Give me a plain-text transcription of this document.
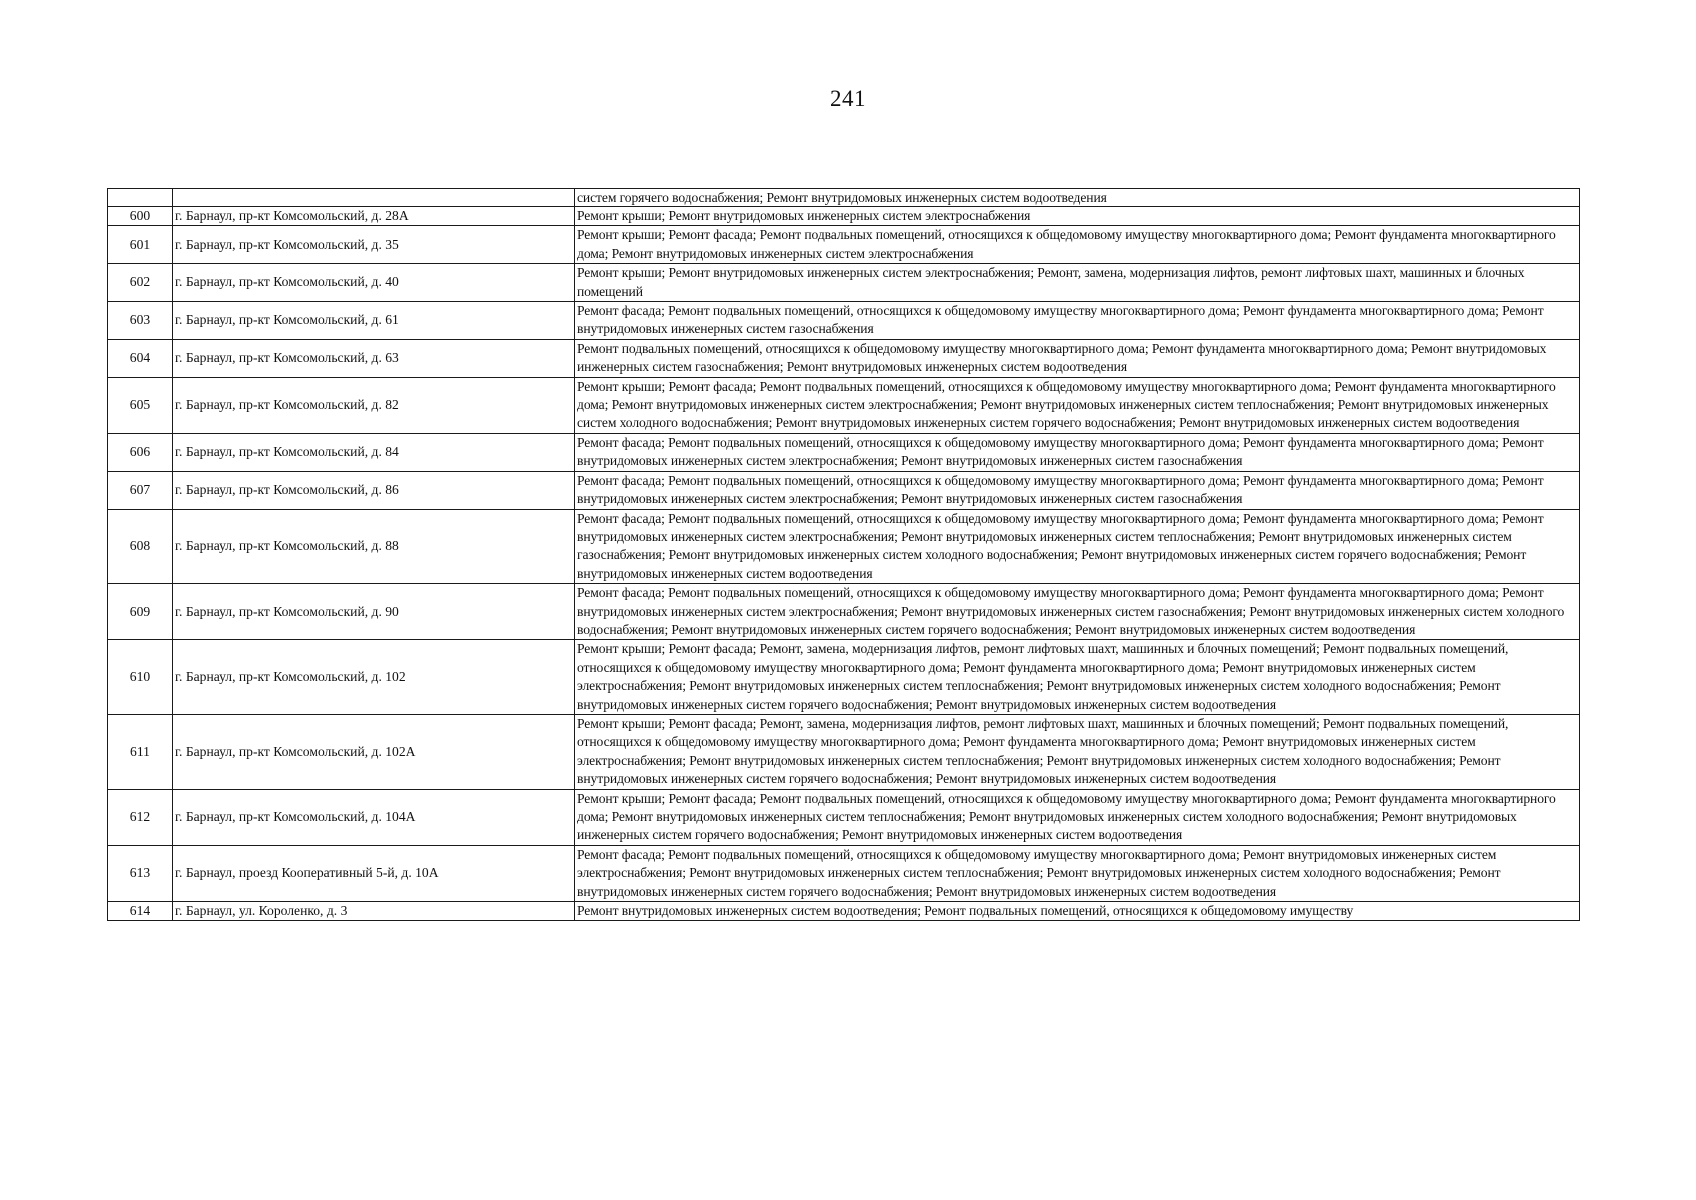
241
		систем горячего водоснабжения; Ремонт внутридомовых инженерных систем водоотведения
600	г. Барнаул, пр-кт Комсомольский, д. 28А	Ремонт крыши; Ремонт внутридомовых инженерных систем электроснабжения
601	г. Барнаул, пр-кт Комсомольский, д. 35	Ремонт крыши; Ремонт фасада; Ремонт подвальных помещений, относящихся к общедомовому имуществу многоквартирного дома; Ремонт фундамента многоквартирного дома; Ремонт внутридомовых инженерных систем электроснабжения
602	г. Барнаул, пр-кт Комсомольский, д. 40	Ремонт крыши; Ремонт внутридомовых инженерных систем электроснабжения; Ремонт, замена, модернизация лифтов, ремонт лифтовых шахт, машинных и блочных помещений
603	г. Барнаул, пр-кт Комсомольский, д. 61	Ремонт фасада; Ремонт подвальных помещений, относящихся к общедомовому имуществу многоквартирного дома; Ремонт фундамента многоквартирного дома; Ремонт внутридомовых инженерных систем газоснабжения
604	г. Барнаул, пр-кт Комсомольский, д. 63	Ремонт подвальных помещений, относящихся к общедомовому имуществу многоквартирного дома; Ремонт фундамента многоквартирного дома; Ремонт внутридомовых инженерных систем газоснабжения; Ремонт внутридомовых инженерных систем водоотведения
605	г. Барнаул, пр-кт Комсомольский, д. 82	Ремонт крыши; Ремонт фасада; Ремонт подвальных помещений, относящихся к общедомовому имуществу многоквартирного дома; Ремонт фундамента многоквартирного дома; Ремонт внутридомовых инженерных систем электроснабжения; Ремонт внутридомовых инженерных систем теплоснабжения; Ремонт внутридомовых инженерных систем холодного водоснабжения; Ремонт внутридомовых инженерных систем горячего водоснабжения; Ремонт внутридомовых инженерных систем водоотведения
606	г. Барнаул, пр-кт Комсомольский, д. 84	Ремонт фасада; Ремонт подвальных помещений, относящихся к общедомовому имуществу многоквартирного дома; Ремонт фундамента многоквартирного дома; Ремонт внутридомовых инженерных систем электроснабжения; Ремонт внутридомовых инженерных систем газоснабжения
607	г. Барнаул, пр-кт Комсомольский, д. 86	Ремонт фасада; Ремонт подвальных помещений, относящихся к общедомовому имуществу многоквартирного дома; Ремонт фундамента многоквартирного дома; Ремонт внутридомовых инженерных систем электроснабжения; Ремонт внутридомовых инженерных систем газоснабжения
608	г. Барнаул, пр-кт Комсомольский, д. 88	Ремонт фасада; Ремонт подвальных помещений, относящихся к общедомовому имуществу многоквартирного дома; Ремонт фундамента многоквартирного дома; Ремонт внутридомовых инженерных систем электроснабжения; Ремонт внутридомовых инженерных систем теплоснабжения; Ремонт внутридомовых инженерных систем газоснабжения; Ремонт внутридомовых инженерных систем холодного водоснабжения; Ремонт внутридомовых инженерных систем горячего водоснабжения; Ремонт внутридомовых инженерных систем водоотведения
609	г. Барнаул, пр-кт Комсомольский, д. 90	Ремонт фасада; Ремонт подвальных помещений, относящихся к общедомовому имуществу многоквартирного дома; Ремонт фундамента многоквартирного дома; Ремонт внутридомовых инженерных систем электроснабжения; Ремонт внутридомовых инженерных систем газоснабжения; Ремонт внутридомовых инженерных систем холодного водоснабжения; Ремонт внутридомовых инженерных систем горячего водоснабжения; Ремонт внутридомовых инженерных систем водоотведения
610	г. Барнаул, пр-кт Комсомольский, д. 102	Ремонт крыши; Ремонт фасада; Ремонт, замена, модернизация лифтов, ремонт лифтовых шахт, машинных и блочных помещений; Ремонт подвальных помещений, относящихся к общедомовому имуществу многоквартирного дома; Ремонт фундамента многоквартирного дома; Ремонт внутридомовых инженерных систем электроснабжения; Ремонт внутридомовых инженерных систем теплоснабжения; Ремонт внутридомовых инженерных систем холодного водоснабжения; Ремонт внутридомовых инженерных систем горячего водоснабжения; Ремонт внутридомовых инженерных систем водоотведения
611	г. Барнаул, пр-кт Комсомольский, д. 102А	Ремонт крыши; Ремонт фасада; Ремонт, замена, модернизация лифтов, ремонт лифтовых шахт, машинных и блочных помещений; Ремонт подвальных помещений, относящихся к общедомовому имуществу многоквартирного дома; Ремонт фундамента многоквартирного дома; Ремонт внутридомовых инженерных систем электроснабжения; Ремонт внутридомовых инженерных систем теплоснабжения; Ремонт внутридомовых инженерных систем холодного водоснабжения; Ремонт внутридомовых инженерных систем горячего водоснабжения; Ремонт внутридомовых инженерных систем водоотведения
612	г. Барнаул, пр-кт Комсомольский, д. 104А	Ремонт крыши; Ремонт фасада; Ремонт подвальных помещений, относящихся к общедомовому имуществу многоквартирного дома; Ремонт фундамента многоквартирного дома; Ремонт внутридомовых инженерных систем теплоснабжения; Ремонт внутридомовых инженерных систем холодного водоснабжения; Ремонт внутридомовых инженерных систем горячего водоснабжения; Ремонт внутридомовых инженерных систем водоотведения
613	г. Барнаул, проезд Кооперативный 5-й, д. 10А	Ремонт фасада; Ремонт подвальных помещений, относящихся к общедомовому имуществу многоквартирного дома; Ремонт внутридомовых инженерных систем электроснабжения; Ремонт внутридомовых инженерных систем теплоснабжения; Ремонт внутридомовых инженерных систем холодного водоснабжения; Ремонт внутридомовых инженерных систем горячего водоснабжения; Ремонт внутридомовых инженерных систем водоотведения
614	г. Барнаул, ул. Короленко, д. 3	Ремонт внутридомовых инженерных систем водоотведения; Ремонт подвальных помещений, относящихся к общедомовому имуществу
